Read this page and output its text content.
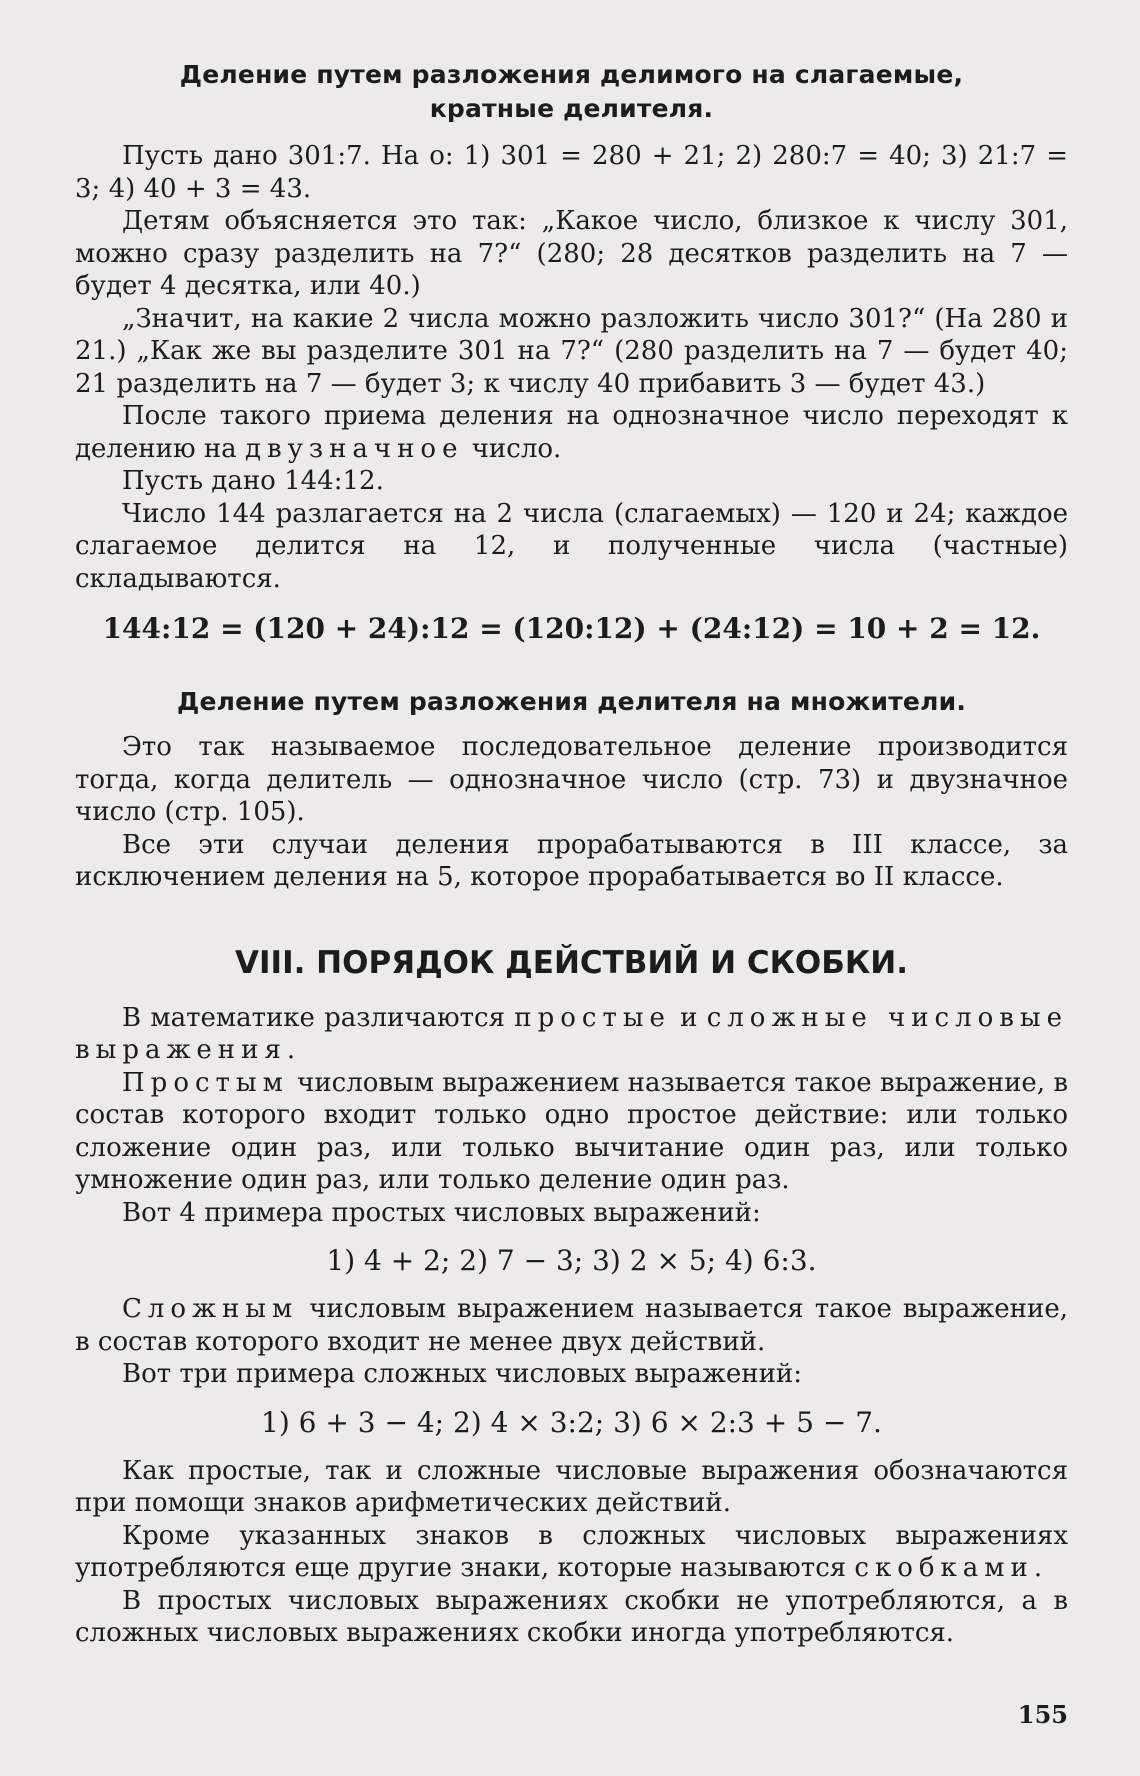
Деление путем разложения делимого на слагаемые,
кратные делителя.

Пусть дано 301:7. На о: 1) 301 = 280 + 21; 2) 280:7 = 40; 3) 21:7 = 3; 4) 40 + 3 = 43.

Детям объясняется это так: „Какое число, близкое к числу 301, можно сразу разделить на 7?“ (280; 28 десятков разделить на 7 — будет 4 десятка, или 40.)

„Значит, на какие 2 числа можно разложить число 301?“ (На 280 и 21.) „Как же вы разделите 301 на 7?“ (280 разделить на 7 — будет 40; 21 разделить на 7 — будет 3; к числу 40 прибавить 3 — будет 43.)

После такого приема деления на однозначное число переходят к делению на двузначное число.

Пусть дано 144:12.

Число 144 разлагается на 2 числа (слагаемых) — 120 и 24; каждое слагаемое делится на 12, и полученные числа (частные) складываются.

144:12 = (120 + 24):12 = (120:12) + (24:12) = 10 + 2 = 12.
Деление путем разложения делителя на множители.

Это так называемое последовательное деление производится тогда, когда делитель — однозначное число (стр. 73) и двузначное число (стр. 105).

Все эти случаи деления прорабатываются в III классе, за исключением деления на 5, которое прорабатывается во II классе.

VIII. ПОРЯДОК ДЕЙСТВИЙ И СКОБКИ.

В математике различаются простые и сложные числовые выражения.

Простым числовым выражением называется такое выражение, в состав которого входит только одно простое действие: или только сложение один раз, или только вычитание один раз, или только умножение один раз, или только деление один раз.

Вот 4 примера простых числовых выражений:

1) 4 + 2; 2) 7 − 3; 3) 2 × 5; 4) 6:3.

Сложным числовым выражением называется такое выражение, в состав которого входит не менее двух действий.

Вот три примера сложных числовых выражений:

1) 6 + 3 − 4; 2) 4 × 3:2; 3) 6 × 2:3 + 5 − 7.

Как простые, так и сложные числовые выражения обозначаются при помощи знаков арифметических действий.

Кроме указанных знаков в сложных числовых выражениях употребляются еще другие знаки, которые называются скобками.

В простых числовых выражениях скобки не употребляются, а в сложных числовых выражениях скобки иногда употребляются.

155
